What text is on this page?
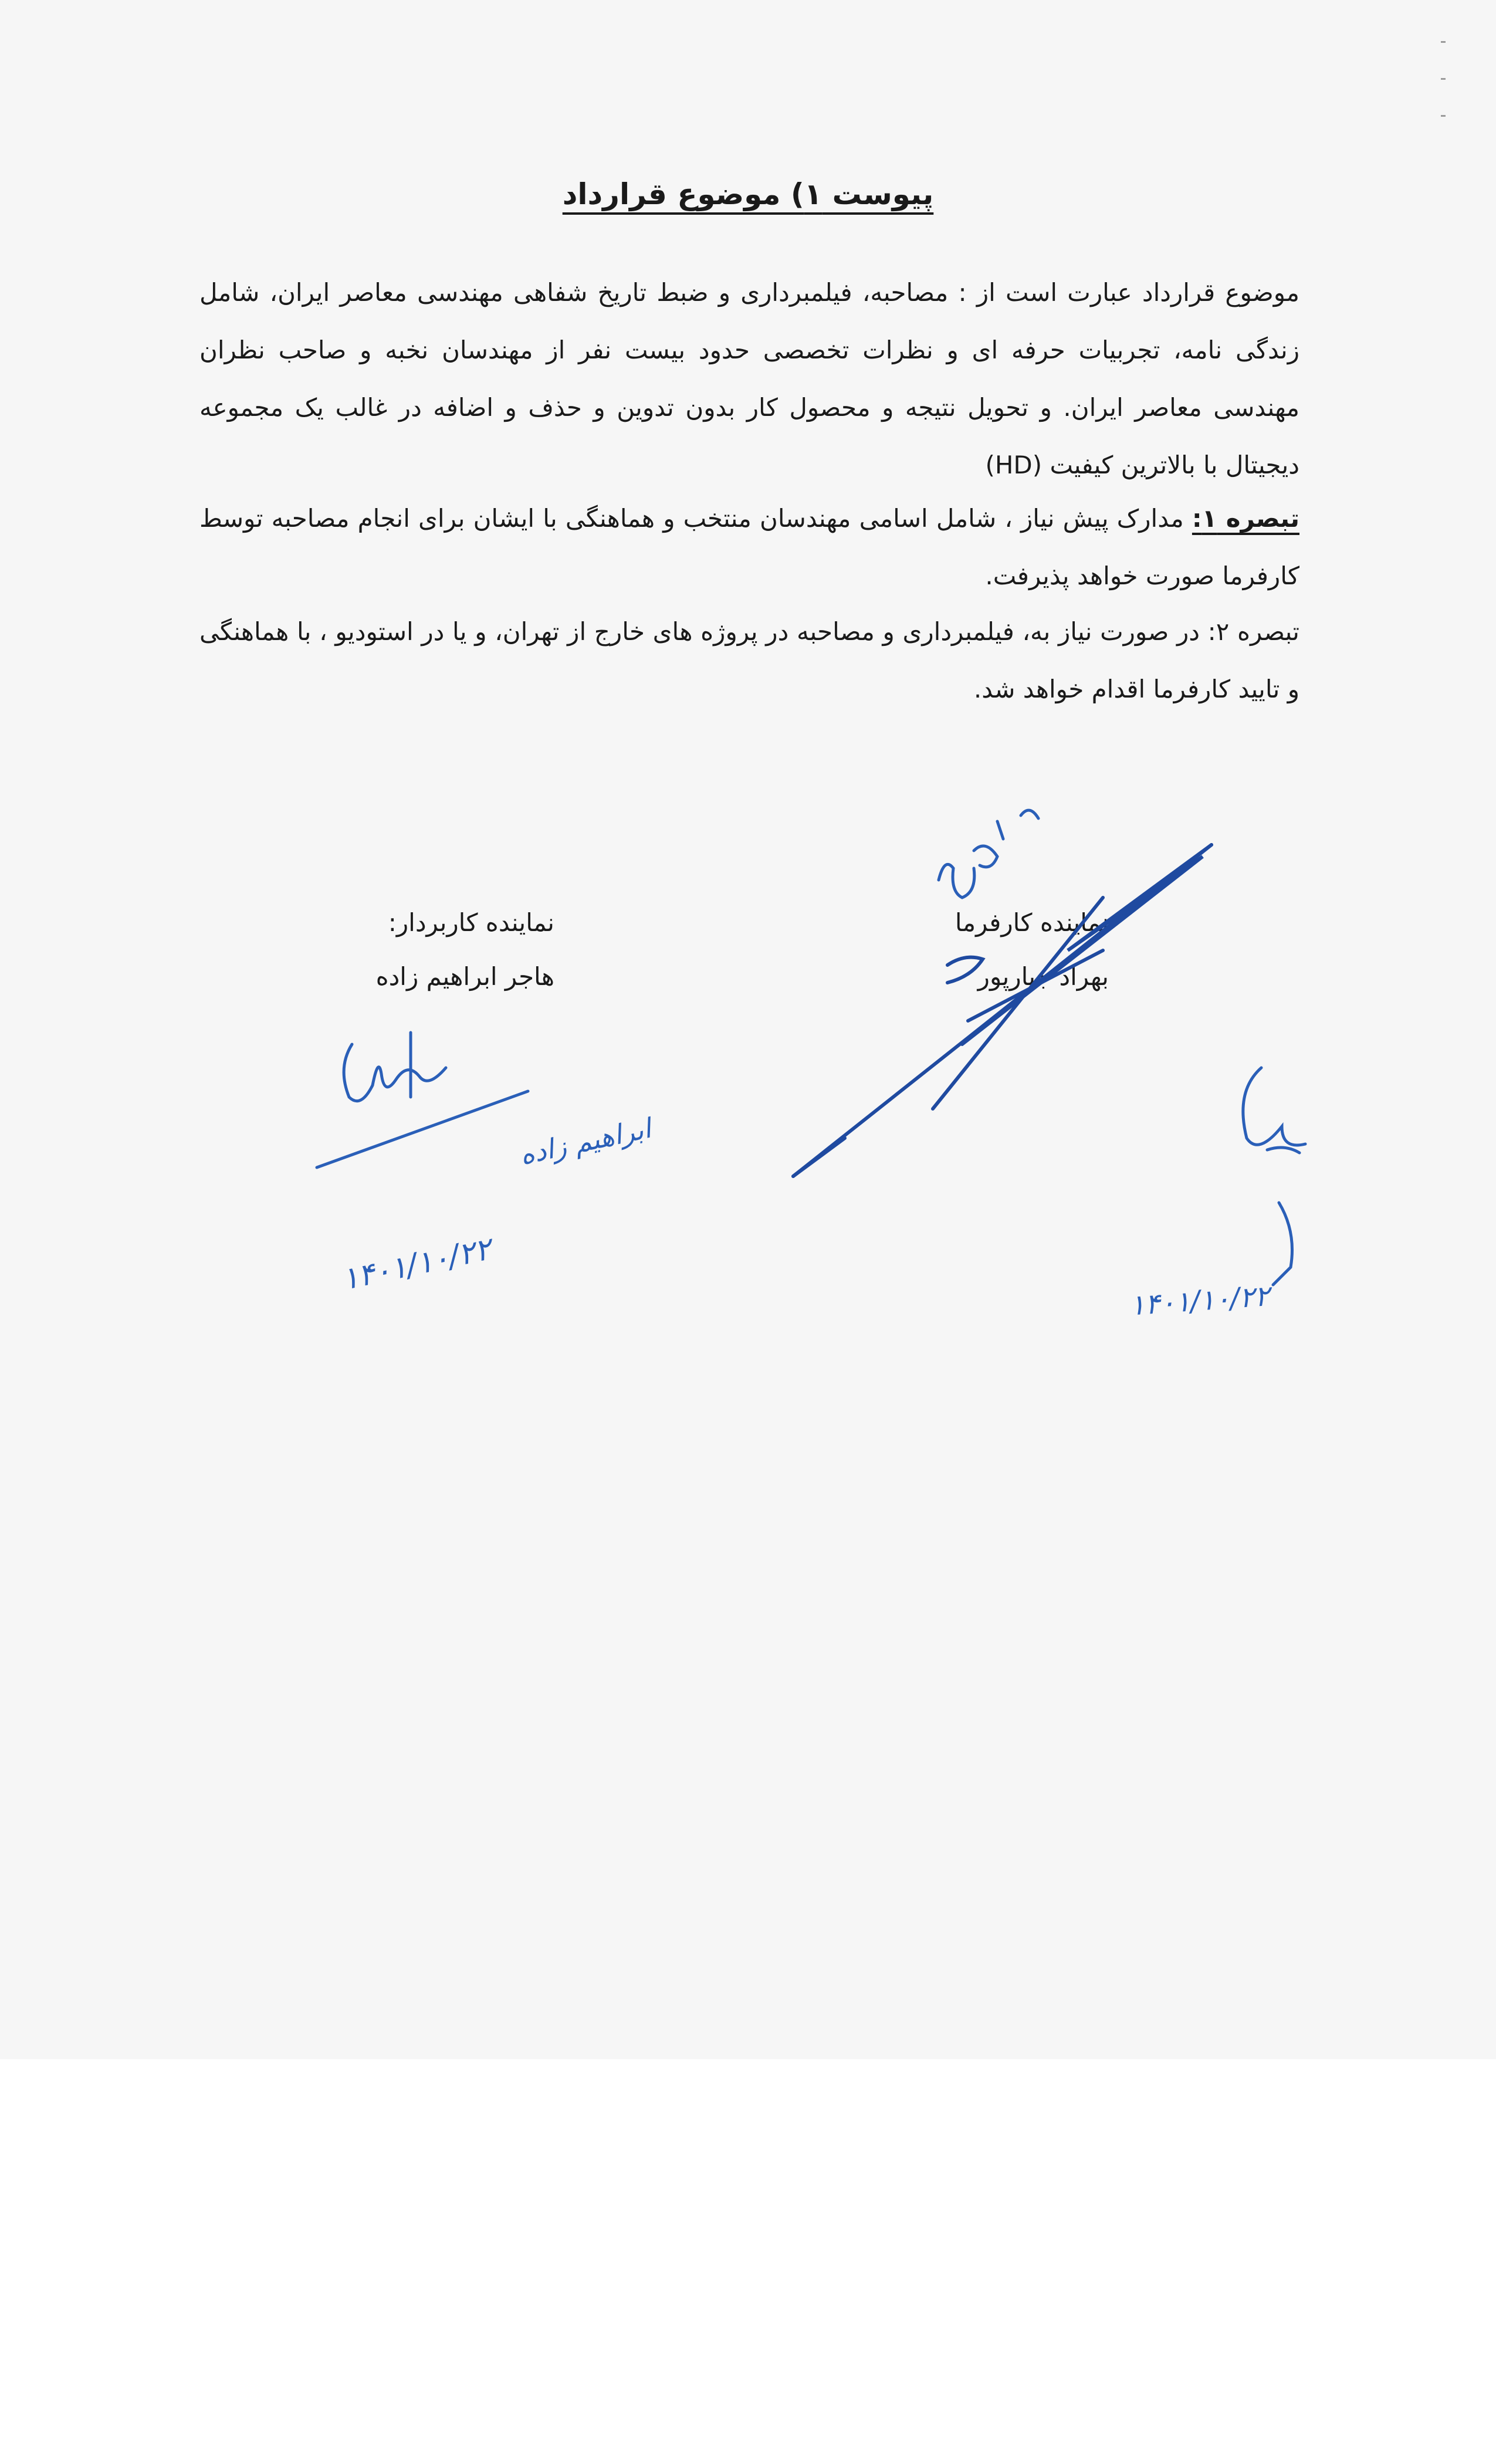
پیوست ۱) موضوع قرارداد
موضوع قرارداد عبارت است از : مصاحبه، فیلمبرداری و ضبط تاریخ شفاهی مهندسی معاصر ایران، شامل زندگی نامه، تجربیات حرفه ای و نظرات تخصصی حدود بیست نفر از مهندسان نخبه و صاحب نظران مهندسی معاصر ایران. و تحویل نتیجه و محصول کار بدون تدوین و حذف و اضافه در غالب یک مجموعه دیجیتال با بالاترین کیفیت (HD)
تبصره ۱: مدارک پیش نیاز ، شامل اسامی مهندسان منتخب و هماهنگی با ایشان برای انجام مصاحبه توسط کارفرما صورت خواهد پذیرفت.
تبصره ۲: در صورت نیاز به، فیلمبرداری و مصاحبه در پروژه های خارج از تهران، و یا در استودیو ، با هماهنگی و تایید کارفرما اقدام خواهد شد.
نماینده کارفرما
بهراد جبارپور
نماینده کاربردار:
هاجر ابراهیم زاده
۱۴۰۱/۱۰/۲۲
ابراهیم زاده
۱۴۰۱/۱۰/۲۲
